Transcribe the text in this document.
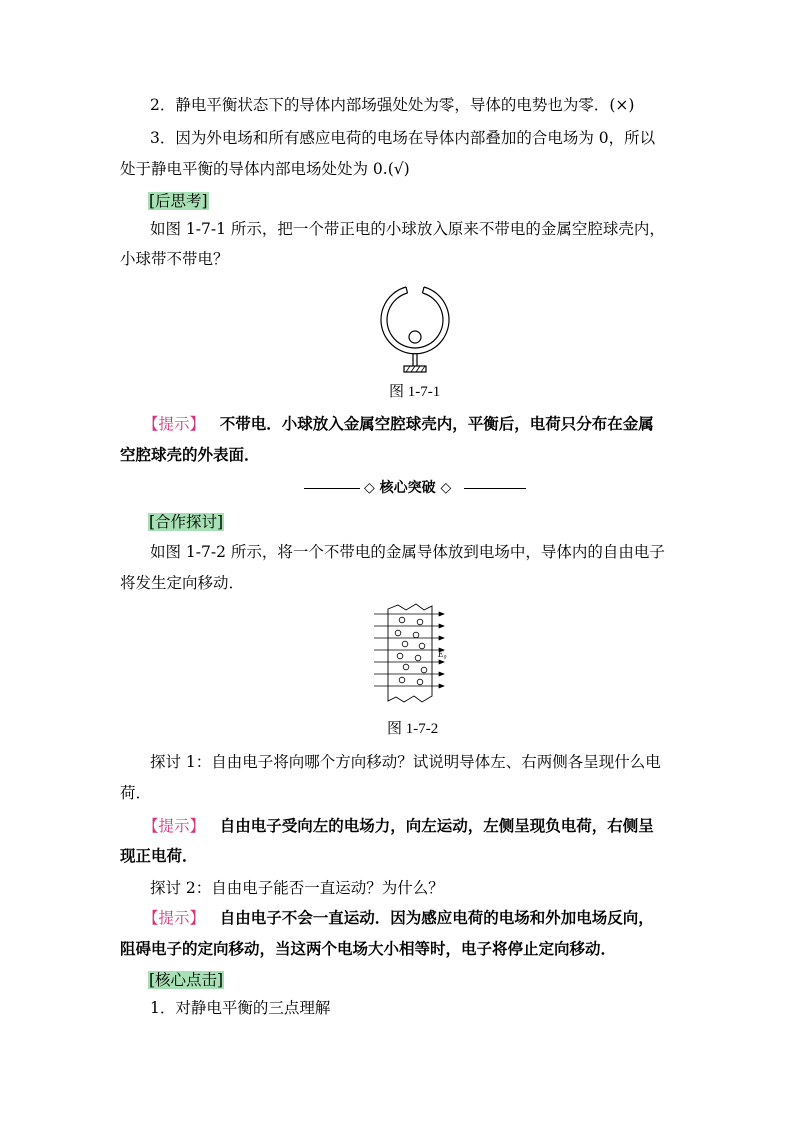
2．静电平衡状态下的导体内部场强处处为零，导体的电势也为零．(×)
3．因为外电场和所有感应电荷的电场在导体内部叠加的合电场为 0，所以
处于静电平衡的导体内部电场处处为 0.(√)
[后思考]
如图 1-7-1 所示，把一个带正电的小球放入原来不带电的金属空腔球壳内，
小球带不带电？
图 1-7-1
【提示】 不带电．小球放入金属空腔球壳内，平衡后，电荷只分布在金属
空腔球壳的外表面．
◇ 核心突破 ◇
[合作探讨]
如图 1-7-2 所示，将一个不带电的金属导体放到电场中，导体内的自由电子
将发生定向移动．
E₀
图 1-7-2
探讨 1：自由电子将向哪个方向移动？试说明导体左、右两侧各呈现什么电
荷．
【提示】 自由电子受向左的电场力，向左运动，左侧呈现负电荷，右侧呈
现正电荷．
探讨 2：自由电子能否一直运动？为什么？
【提示】 自由电子不会一直运动．因为感应电荷的电场和外加电场反向，
阻碍电子的定向移动，当这两个电场大小相等时，电子将停止定向移动．
[核心点击]
1．对静电平衡的三点理解
